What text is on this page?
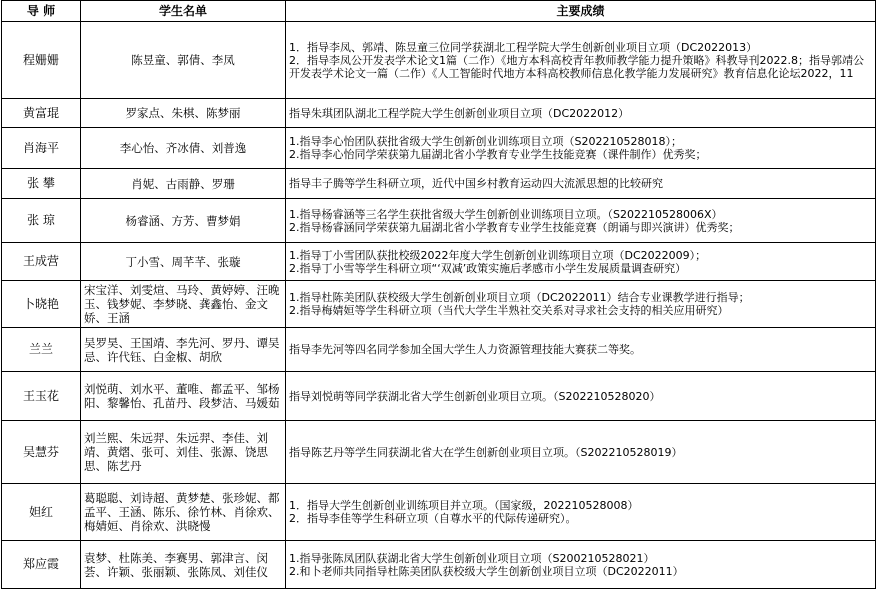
导 师	学生名单	主要成绩
程姗姗	陈昱童、郭倩、李凤	1．指导李凤、郭靖、陈昱童三位同学获湖北工程学院大学生创新创业项目立项（DC2022013）
2．指导李凤公开发表学术论文1篇（二作）《地方本科高校青年教师教学能力提升策略》科教导刊2022.8；指导郭靖公开发表学术论文一篇（二作）《人工智能时代地方本科高校教师信息化教学能力发展研究》教育信息化论坛2022，11

黄富琨	罗家点、朱棋、陈梦丽	指导朱琪团队湖北工程学院大学生创新创业项目立项（DC2022012）

肖海平	李心怡、齐冰倩、刘普逸	1.指导李心怡团队获批省级大学生创新创业训练项目立项（S202210528018）；
2.指导李心怡同学荣获第九届湖北省小学教育专业学生技能竞赛（课件制作）优秀奖；

张 攀	肖妮、古雨静、罗珊	指导丰子腾等学生科研立项，近代中国乡村教育运动四大流派思想的比较研究

张 琼	杨睿涵、方芳、曹梦娟	1.指导杨睿涵等三名学生获批省级大学生创新创业训练项目立项。（S202210528006X）
2.指导杨睿涵同学荣获第九届湖北省小学教育专业学生技能竞赛（朗诵与即兴演讲）优秀奖；

王成营	丁小雪、周芊芊、张璇	1.指导丁小雪团队获批校级2022年度大学生创新创业训练项目立项（DC2022009）；
2.指导丁小雪等学生科研立项“‘双减’政策实施后孝感市小学生发展质量调查研究）

卜晓艳	宋宝洋、刘雯煊、马玲、黄婷婷、汪晚玉、钱梦妮、李梦晓、龚鑫怡、金文娇、王涵	1.指导杜陈美团队获校级大学生创新创业项目立项（DC2022011）结合专业课教学进行指导；
2.指导梅婧姮等学生科研立项（当代大学生半熟社交关系对寻求社会支持的相关应用研究）

兰兰	吴罗昊、王国靖、李先河、罗丹、谭吴忌、许代钰、白金椒、胡欣	指导李先河等四名同学参加全国大学生人力资源管理技能大赛获二等奖。

王玉花	刘悦萌、刘水平、董唯、都孟平、邹杨阳、黎馨怡、孔苗丹、段梦洁、马媛茹	指导刘悦萌等同学获湖北省大学生创新创业项目立项。（S202210528020）

吴慧芬	刘兰熙、朱远羿、朱远羿、李佳、刘靖、黄熠、张可、刘佳、张源、饶思思、陈艺丹	指导陈艺丹等学生同获湖北省大在学生创新创业项目立项。（S202210528019）

妲红	葛聪聪、刘诗超、黄梦楚、张珍妮、都孟平、王涵、陈乐、徐竹林、肖徐欢、梅婧姮、肖徐欢、洪晓慢	1．指导大学生创新创业训练项目并立项。（国家级，202210528008）
2．指导李佳等学生科研立项（自尊水平的代际传递研究）。

郑应霞	袁梦、杜陈美、李赛男、郭津言、闵荟、许颖、张丽颖、张陈凤、刘佳仪	1.指导张陈凤团队获湖北省大学生创新创业项目立项（S200210528021）
2.和卜老师共同指导杜陈美团队获校级大学生创新创业项目立项（DC2022011）
